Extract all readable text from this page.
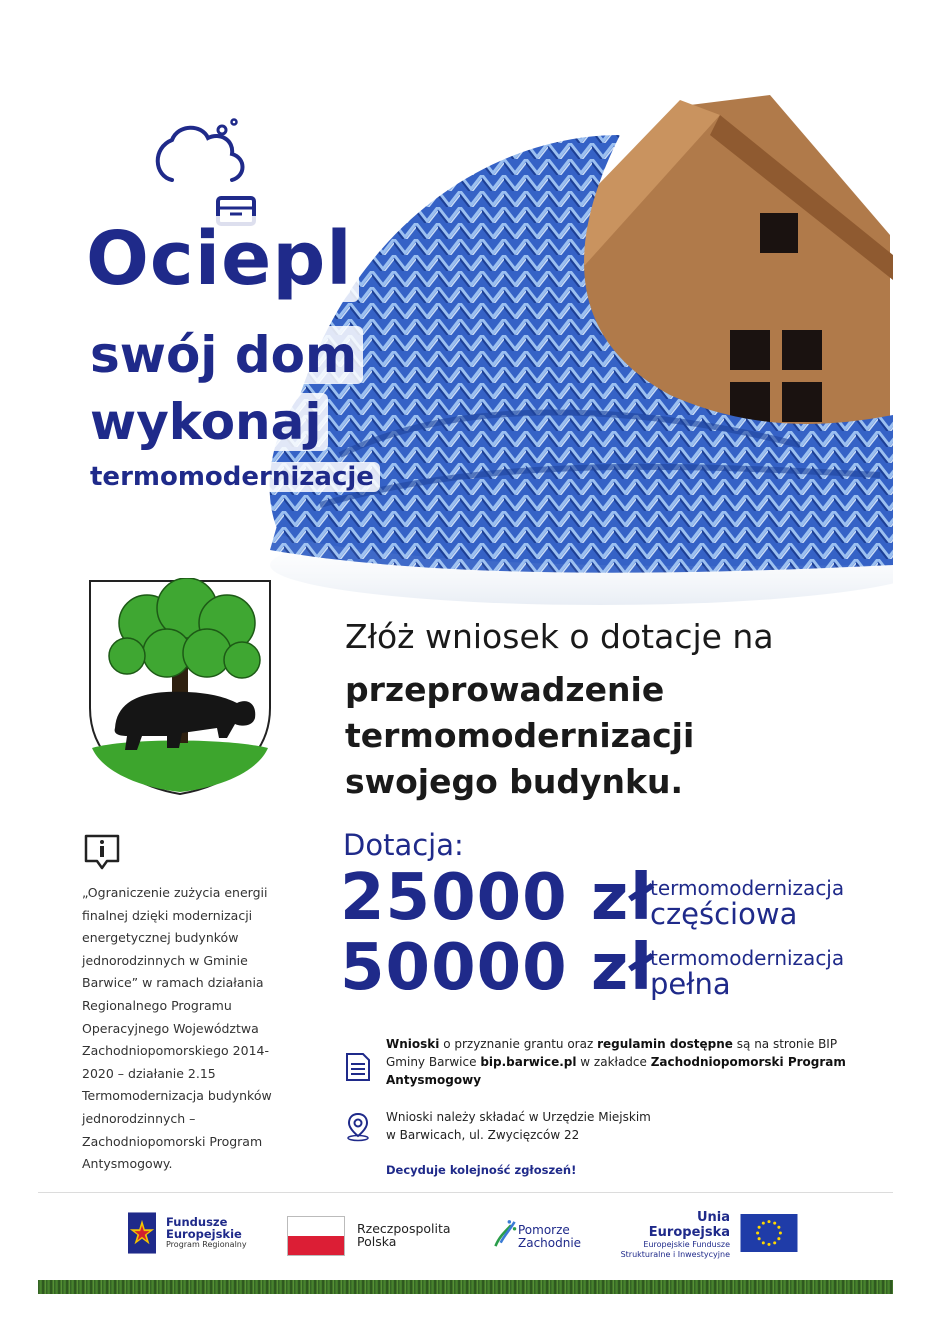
Ociepl
swój dom
wykonaj
termomodernizacje
Złóż wniosek o dotacje na
przeprowadzenie
termomodernizacji
swojego budynku.
Dotacja:
25000 zł
termomodernizacja
częściowa
50000 zł
termomodernizacja
pełna
„Ograniczenie zużycia energii finalnej dzięki modernizacji energetycznej budynków jednorodzinnych w Gminie Barwice” w ramach działania Regionalnego Programu Operacyjnego Województwa Zachodniopomorskiego 2014-2020 – działanie 2.15 Termomodernizacja budynków jednorodzinnych – Zachodniopomorski Program Antysmogowy.
Wnioski o przyznanie grantu oraz regulamin dostępne są na stronie BIP Gminy Barwice bip.barwice.pl w zakładce Zachodniopomorski Program Antysmogowy
Wnioski należy składać w Urzędzie Miejskim
w Barwicach, ul. Zwycięzców 22
Decyduje kolejność zgłoszeń!
Fundusze
Europejskie
Program Regionalny
Rzeczpospolita
Polska
Pomorze
Zachodnie
Unia Europejska
Europejskie Fundusze
Strukturalne i Inwestycyjne
